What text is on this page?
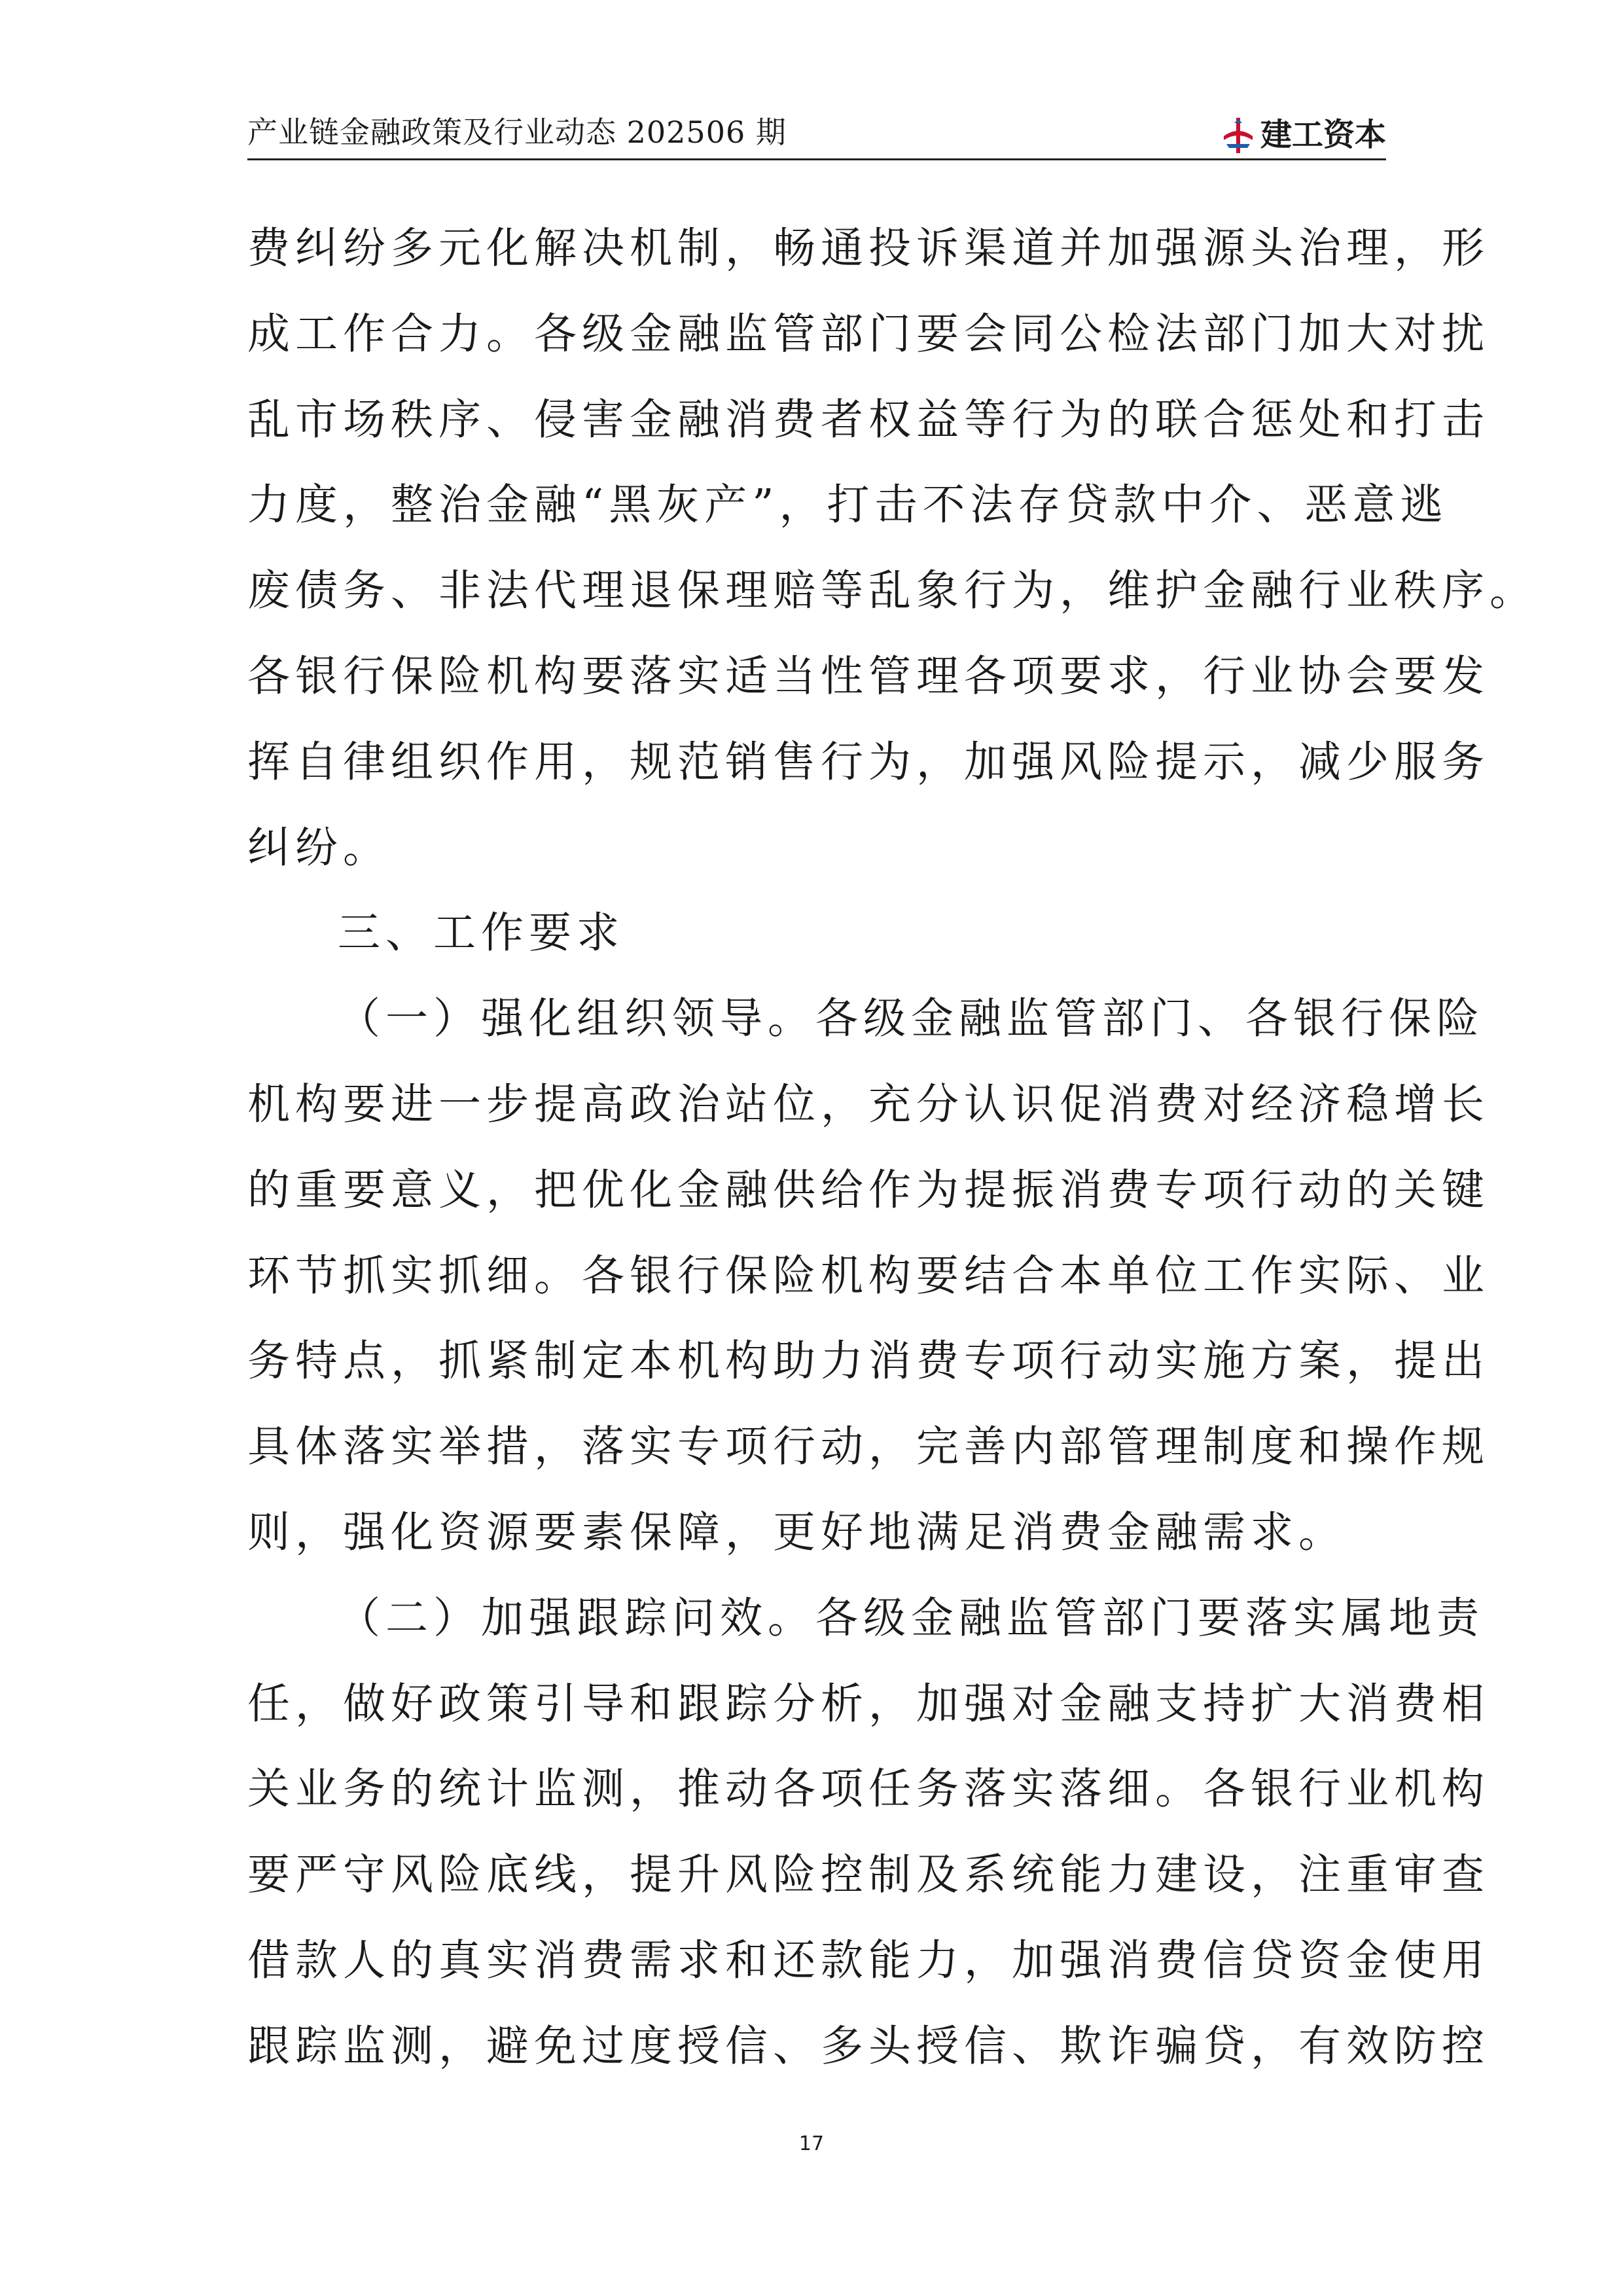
产业链金融政策及行业动态 202506 期	建工资本
费纠纷多元化解决机制，畅通投诉渠道并加强源头治理，形
成工作合力。各级金融监管部门要会同公检法部门加大对扰
乱市场秩序、侵害金融消费者权益等行为的联合惩处和打击
力度，整治金融“黑灰产”，打击不法存贷款中介、恶意逃
废债务、非法代理退保理赔等乱象行为，维护金融行业秩序。
各银行保险机构要落实适当性管理各项要求，行业协会要发
挥自律组织作用，规范销售行为，加强风险提示，减少服务
纠纷。
三、工作要求
（一）强化组织领导。各级金融监管部门、各银行保险
机构要进一步提高政治站位，充分认识促消费对经济稳增长
的重要意义，把优化金融供给作为提振消费专项行动的关键
环节抓实抓细。各银行保险机构要结合本单位工作实际、业
务特点，抓紧制定本机构助力消费专项行动实施方案，提出
具体落实举措，落实专项行动，完善内部管理制度和操作规
则，强化资源要素保障，更好地满足消费金融需求。
（二）加强跟踪问效。各级金融监管部门要落实属地责
任，做好政策引导和跟踪分析，加强对金融支持扩大消费相
关业务的统计监测，推动各项任务落实落细。各银行业机构
要严守风险底线，提升风险控制及系统能力建设，注重审查
借款人的真实消费需求和还款能力，加强消费信贷资金使用
跟踪监测，避免过度授信、多头授信、欺诈骗贷，有效防控
17
